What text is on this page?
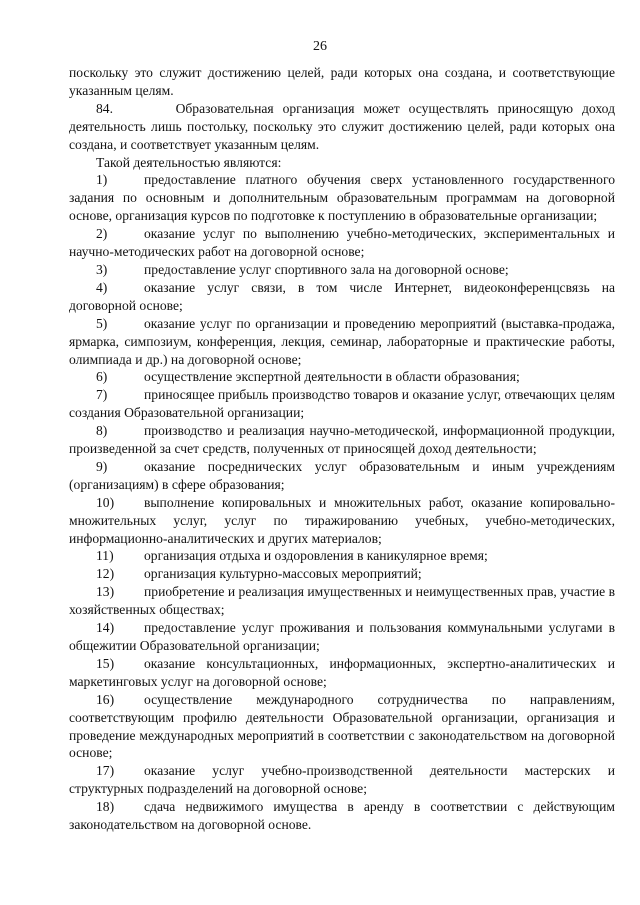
26

поскольку это служит достижению целей, ради которых она создана, и соответствующие указанным целям.

84.	Образовательная организация может осуществлять приносящую доход деятельность лишь постольку, поскольку это служит достижению целей, ради которых она создана, и соответствует указанным целям.

Такой деятельностью являются:

1)	предоставление платного обучения сверх установленного государственного задания по основным и дополнительным образовательным программам на договорной основе, организация курсов по подготовке к поступлению в образовательные организации;

2)	оказание услуг по выполнению учебно-методических, экспериментальных и научно-методических работ на договорной основе;

3)	предоставление услуг спортивного зала на договорной основе;

4)	оказание услуг связи, в том числе Интернет, видеоконференцсвязь на договорной основе;

5)	оказание услуг по организации и проведению мероприятий (выставка-продажа, ярмарка, симпозиум, конференция, лекция, семинар, лабораторные и практические работы, олимпиада и др.) на договорной основе;

6)	осуществление экспертной деятельности в области образования;

7)	приносящее прибыль производство товаров и оказание услуг, отвечающих целям создания Образовательной организации;

8)	производство и реализация научно-методической, информационной продукции, произведенной за счет средств, полученных от приносящей доход деятельности;

9)	оказание посреднических услуг образовательным и иным учреждениям (организациям) в сфере образования;

10) выполнение копировальных и множительных работ, оказание копировально-множительных услуг, услуг по тиражированию учебных, учебно-методических, информационно-аналитических и других материалов;

11) организация отдыха и оздоровления в каникулярное время;

12) организация культурно-массовых мероприятий;

13) приобретение и реализация имущественных и неимущественных прав, участие в хозяйственных обществах;

14) предоставление услуг проживания и пользования коммунальными услугами в общежитии Образовательной организации;

15) оказание консультационных, информационных, экспертно-аналитических и маркетинговых услуг на договорной основе;

16) осуществление международного сотрудничества по направлениям, соответствующим профилю деятельности Образовательной организации, организация и проведение международных мероприятий в соответствии с законодательством на договорной основе;

17) оказание услуг учебно-производственной деятельности мастерских и структурных подразделений на договорной основе;

18) сдача недвижимого имущества в аренду в соответствии с действующим законодательством на договорной основе.
